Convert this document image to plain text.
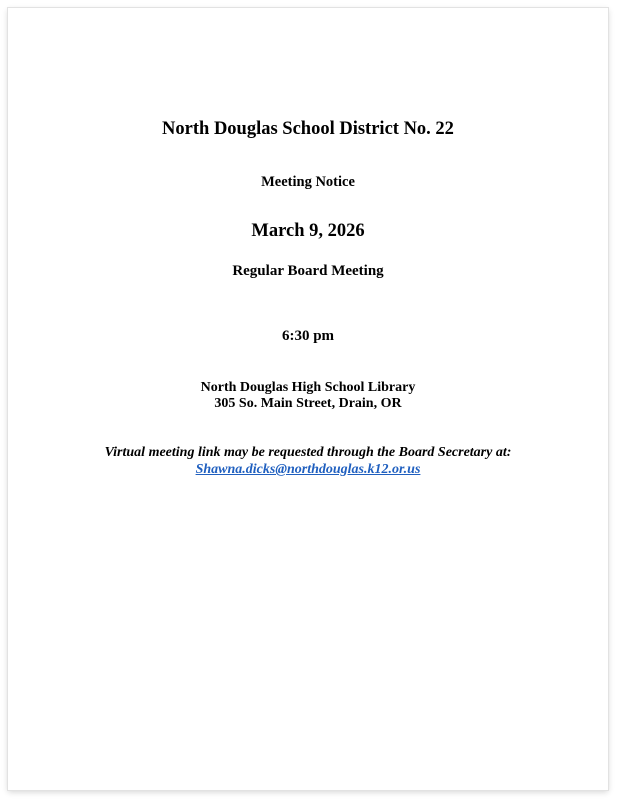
North Douglas School District No. 22
Meeting Notice
March 9, 2026
Regular Board Meeting
6:30 pm
North Douglas High School Library
305 So. Main Street, Drain, OR
Virtual meeting link may be requested through the Board Secretary at:
Shawna.dicks@northdouglas.k12.or.us
